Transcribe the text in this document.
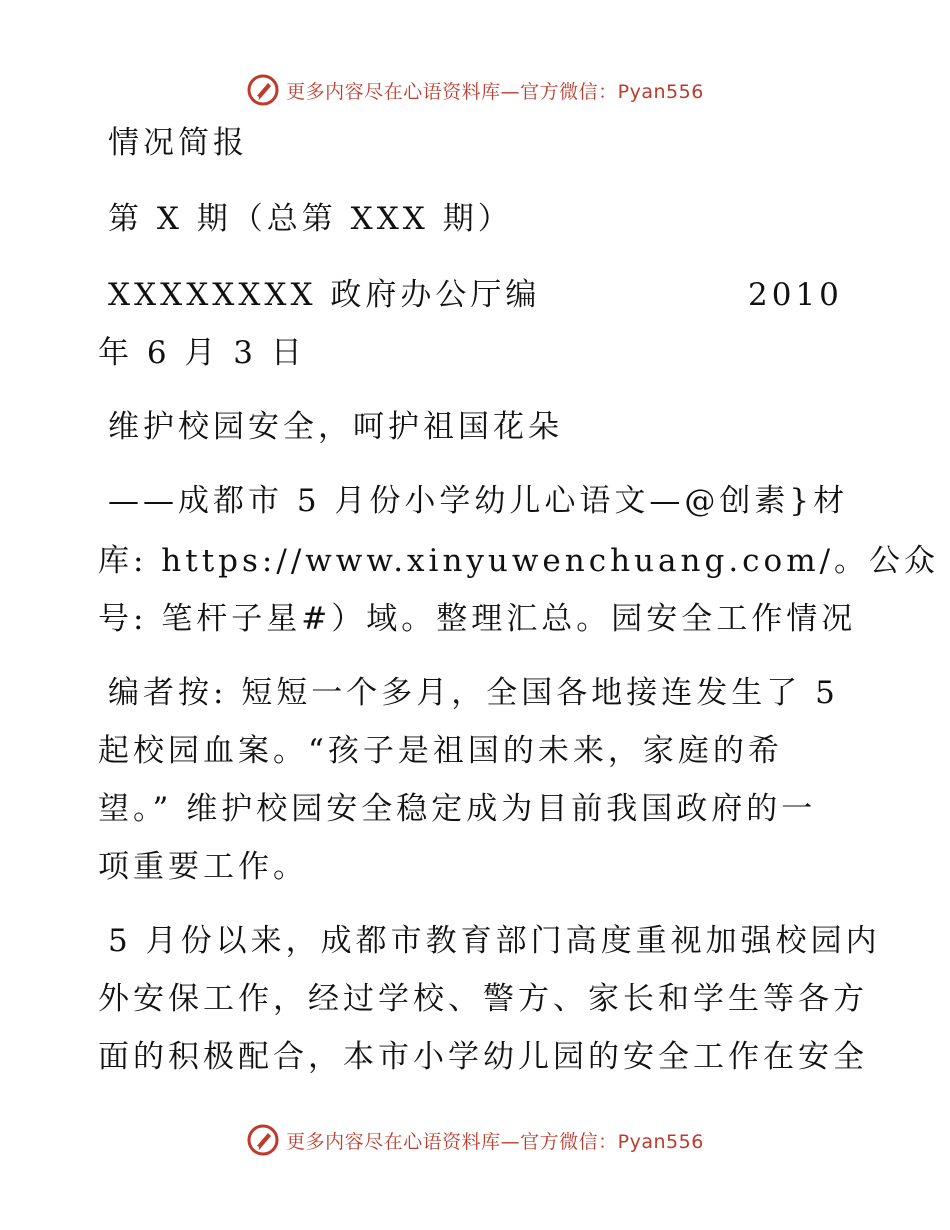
更多内容尽在心语资料库—官方微信：Pyan556
情况简报
第 X 期（总第 XXX 期）
XXXXXXXX 政府办公厅编	2010
年 6 月 3 日
维护校园安全，呵护祖国花朵
——成都市 5 月份小学幼儿心语文—@创素}材
库: https://www.xinyuwenchuang.com/。公众
号: 笔杆子星#）域。整理汇总。园安全工作情况
编者按: 短短一个多月，全国各地接连发生了 5
起校园血案。“孩子是祖国的未来，家庭的希
望。” 维护校园安全稳定成为目前我国政府的一
项重要工作。
5 月份以来，成都市教育部门高度重视加强校园内
外安保工作，经过学校、警方、家长和学生等各方
面的积极配合，本市小学幼儿园的安全工作在安全
更多内容尽在心语资料库—官方微信：Pyan556
